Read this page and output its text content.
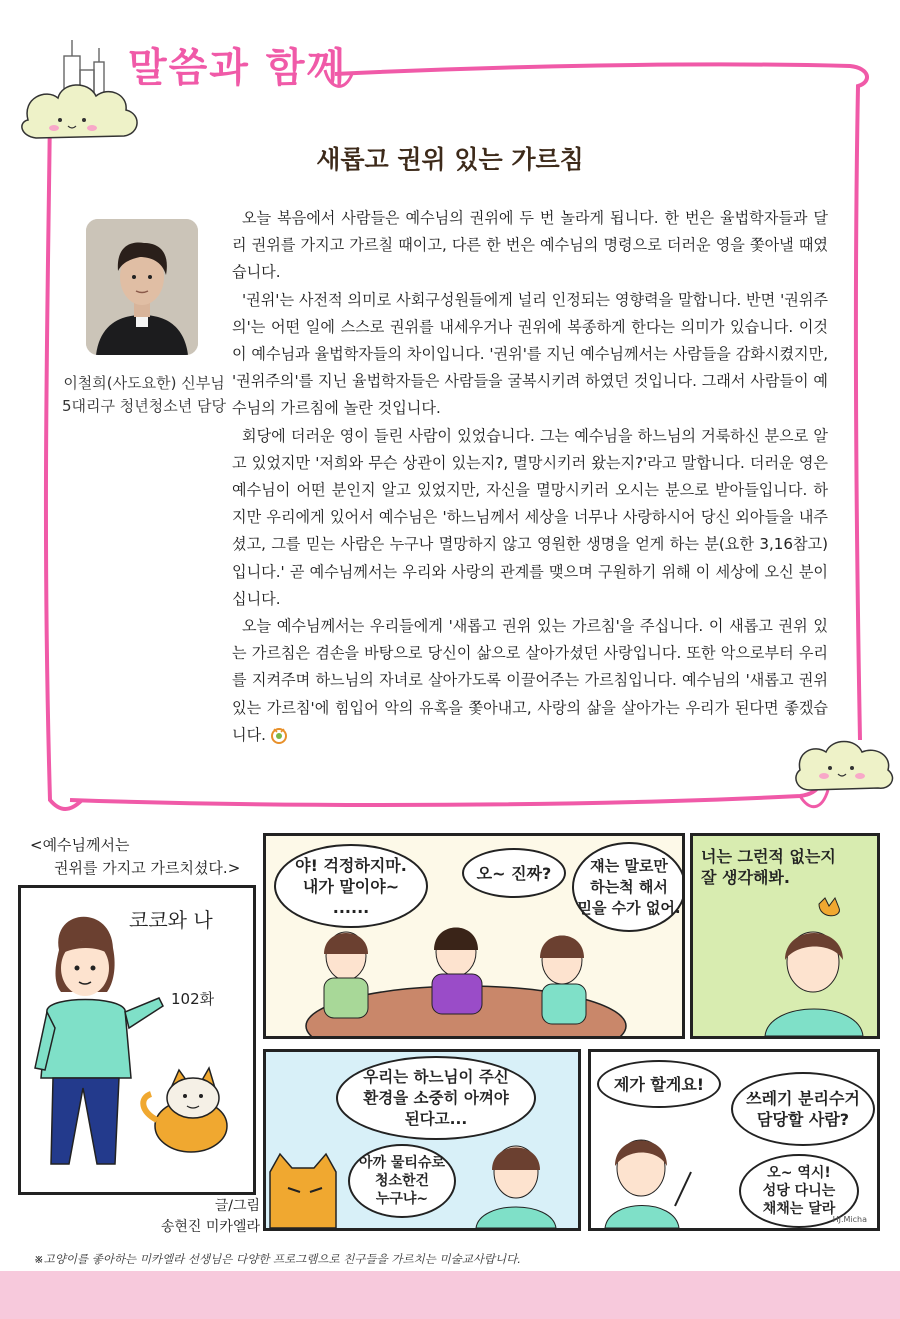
말씀과 함께
새롭고 권위 있는 가르침
이철희(사도요한) 신부님
5대리구 청년청소년 담당

오늘 복음에서 사람들은 예수님의 권위에 두 번 놀라게 됩니다. 한 번은 율법학자들과 달리 권위를 가지고 가르칠 때이고, 다른 한 번은 예수님의 명령으로 더러운 영을 쫓아낼 때였습니다.

'권위'는 사전적 의미로 사회구성원들에게 널리 인정되는 영향력을 말합니다. 반면 '권위주의'는 어떤 일에 스스로 권위를 내세우거나 권위에 복종하게 한다는 의미가 있습니다. 이것이 예수님과 율법학자들의 차이입니다. '권위'를 지닌 예수님께서는 사람들을 감화시켰지만, '권위주의'를 지닌 율법학자들은 사람들을 굴복시키려 하였던 것입니다. 그래서 사람들이 예수님의 가르침에 놀란 것입니다.

회당에 더러운 영이 들린 사람이 있었습니다. 그는 예수님을 하느님의 거룩하신 분으로 알고 있었지만 '저희와 무슨 상관이 있는지?, 멸망시키러 왔는지?'라고 말합니다. 더러운 영은 예수님이 어떤 분인지 알고 있었지만, 자신을 멸망시키러 오시는 분으로 받아들입니다. 하지만 우리에게 있어서 예수님은 '하느님께서 세상을 너무나 사랑하시어 당신 외아들을 내주셨고, 그를 믿는 사람은 누구나 멸망하지 않고 영원한 생명을 얻게 하는 분(요한 3,16참고)입니다.' 곧 예수님께서는 우리와 사랑의 관계를 맺으며 구원하기 위해 이 세상에 오신 분이십니다.

오늘 예수님께서는 우리들에게 '새롭고 권위 있는 가르침'을 주십니다. 이 새롭고 권위 있는 가르침은 겸손을 바탕으로 당신이 삶으로 살아가셨던 사랑입니다. 또한 악으로부터 우리를 지켜주며 하느님의 자녀로 살아가도록 이끌어주는 가르침입니다. 예수님의 '새롭고 권위 있는 가르침'에 힘입어 악의 유혹을 쫓아내고, 사랑의 삶을 살아가는 우리가 된다면 좋겠습니다.

<예수님께서는
권위를 가지고 가르치셨다.>
코코와 나
102화
야! 걱정하지마.
내가 말이야~
......
오~ 진짜?	쟤는 말로만
하는척 해서
믿을 수가 없어.
너는 그런적 없는지
잘 생각해봐.
우리는 하느님이 주신
환경을 소중히 아껴야
된다고...
아까 물티슈로
청소한건
누구냐~
제가 할게요!
쓰레기 분리수거
담당할 사람?
오~ 역시!
성당 다니는
채채는 달라
HJ.Micha
글/그림
송현진 미카엘라
※고양이를 좋아하는 미카엘라 선생님은 다양한 프로그램으로 친구들을 가르치는 미술교사랍니다.
